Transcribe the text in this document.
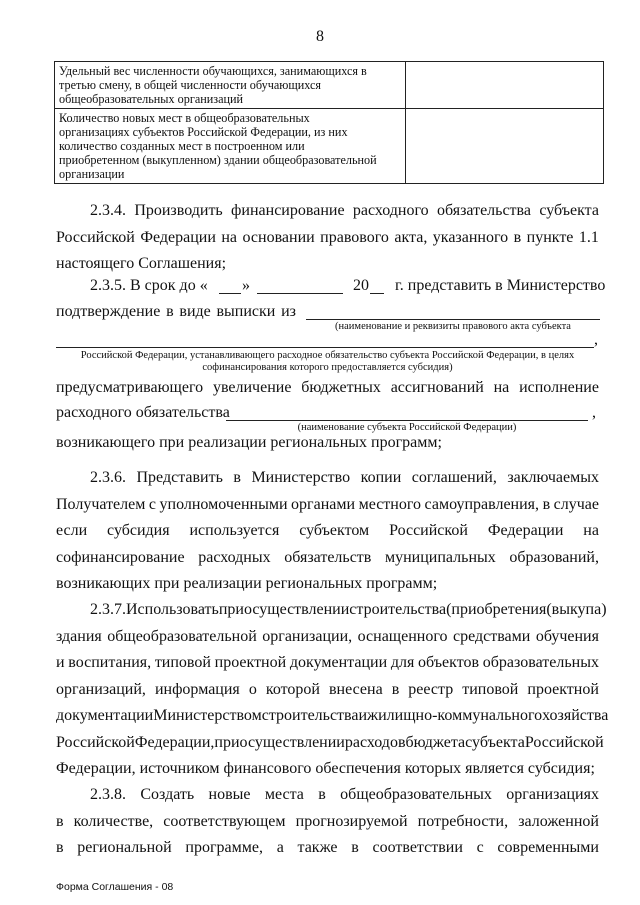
8
Удельный вес численности обучающихся, занимающихся в
третью смену, в общей численности обучающихся
общеобразовательных организаций	

Количество новых мест в общеобразовательных
организациях субъектов Российской Федерации, из них
количество созданных мест в построенном или
приобретенном (выкупленном) здании общеобразовательной
организации	

2.3.4. Производить финансирование расходного обязательства субъекта
Российской Федерации на основании правового акта, указанного в пункте 1.1
настоящего Соглашения;
2.3.5. В срок до « »	20 г. представить в Министерство
подтверждение в виде выписки из
(наименование и реквизиты правового акта субъекта
,
Российской Федерации, устанавливающего расходное обязательство субъекта Российской Федерации, в целях
софинансирования которого предоставляется субсидия)
предусматривающего увеличение бюджетных ассигнований на исполнение
расходного обязательства	,
(наименование субъекта Российской Федерации)
возникающего при реализации региональных программ;
2.3.6. Представить в Министерство копии соглашений, заключаемых
Получателем с уполномоченными органами местного самоуправления, в случае
если субсидия используется субъектом Российской Федерации на
софинансирование расходных обязательств муниципальных образований,
возникающих при реализации региональных программ;
2.3.7. Использовать при осуществлении строительства (приобретения (выкупа)
здания общеобразовательной организации, оснащенного средствами обучения
и воспитания, типовой проектной документации для объектов образовательных
организаций, информация о которой внесена в реестр типовой проектной
документации Министерством строительства и жилищно-коммунального хозяйства
Российской Федерации, при осуществлении расходов бюджета субъекта Российской
Федерации, источником финансового обеспечения которых является субсидия;
2.3.8. Создать новые места в общеобразовательных организациях
в количестве, соответствующем прогнозируемой потребности, заложенной
в региональной программе, а также в соответствии с современными
Форма Соглашения - 08
